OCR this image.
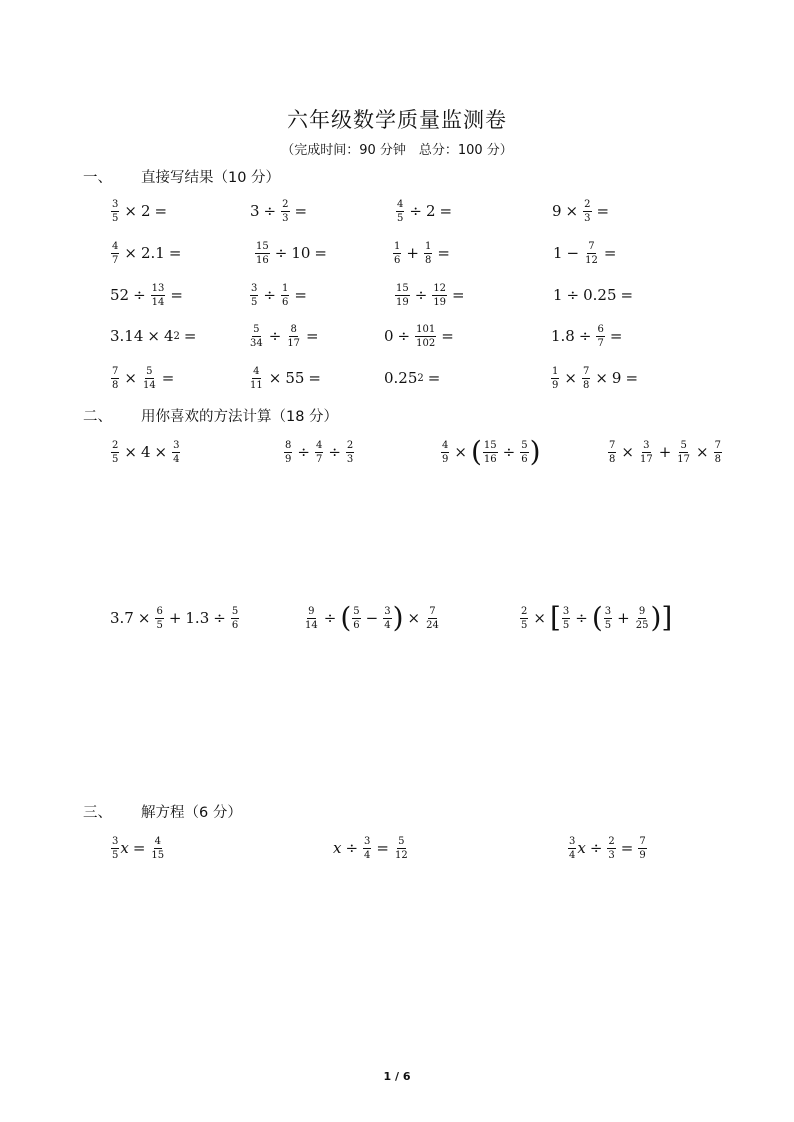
六年级数学质量监测卷
（完成时间：90 分钟　总分：100 分）
一、 直接写结果（10 分）
$\frac{3}{5} \times 2$ =	$3 \div \frac{2}{3}$ =	$\frac{4}{5} \div 2$ =	$9 \times \frac{2}{3}$ =
$\frac{4}{7} \times 2.1$ =	$\frac{15}{16} \div 10$ =	$\frac{1}{6} + \frac{1}{8}$ =	$1 - \frac{7}{12}$ =
$52 \div \frac{13}{14}$ =	$\frac{3}{5} \div \frac{1}{6}$ =	$\frac{15}{19} \div \frac{12}{19}$ =	1 ÷ 0.25 =
3.14 × 4 2 =	$\frac{5}{34} \div \frac{8}{17}$ =	$0 \div \frac{101}{102}$ =	$1.8 \div \frac{6}{7}$ =
$\frac{7}{8} \times \frac{5}{14}$ =	$\frac{4}{11} \times 55$ =	0.25 2 =	$\frac{1}{9} \times \frac{7}{8} \times 9$ =
二、 用你喜欢的方法计算（18 分）
$\frac{2}{5} \times 4 \times \frac{3}{4}$	$\frac{8}{9} \div \frac{4}{7} \div \frac{2}{3}$	$\frac{4}{9}$ × ( $\frac{15}{16} \div \frac{5}{6}$ )	$\frac{7}{8} \times \frac{3}{17} + \frac{5}{17} \times \frac{7}{8}$
$3.7 \times \frac{6}{5} + 1.3 \div \frac{5}{6}$	$\frac{9}{14}$ ÷ ( $\frac{5}{6} - \frac{3}{4}$ ) × $\frac{7}{24}$	$\frac{2}{5}$ × [ $\frac{3}{5}$ ÷ ( $\frac{3}{5} + \frac{9}{25}$ ) ]
三、 解方程（6 分）
$\frac{3}{5}$ $x = \frac{4}{15}$	$x \div \frac{3}{4} = \frac{5}{12}$	$\frac{3}{4}$ $x \div \frac{2}{3} = \frac{7}{9}$
1 / 6
